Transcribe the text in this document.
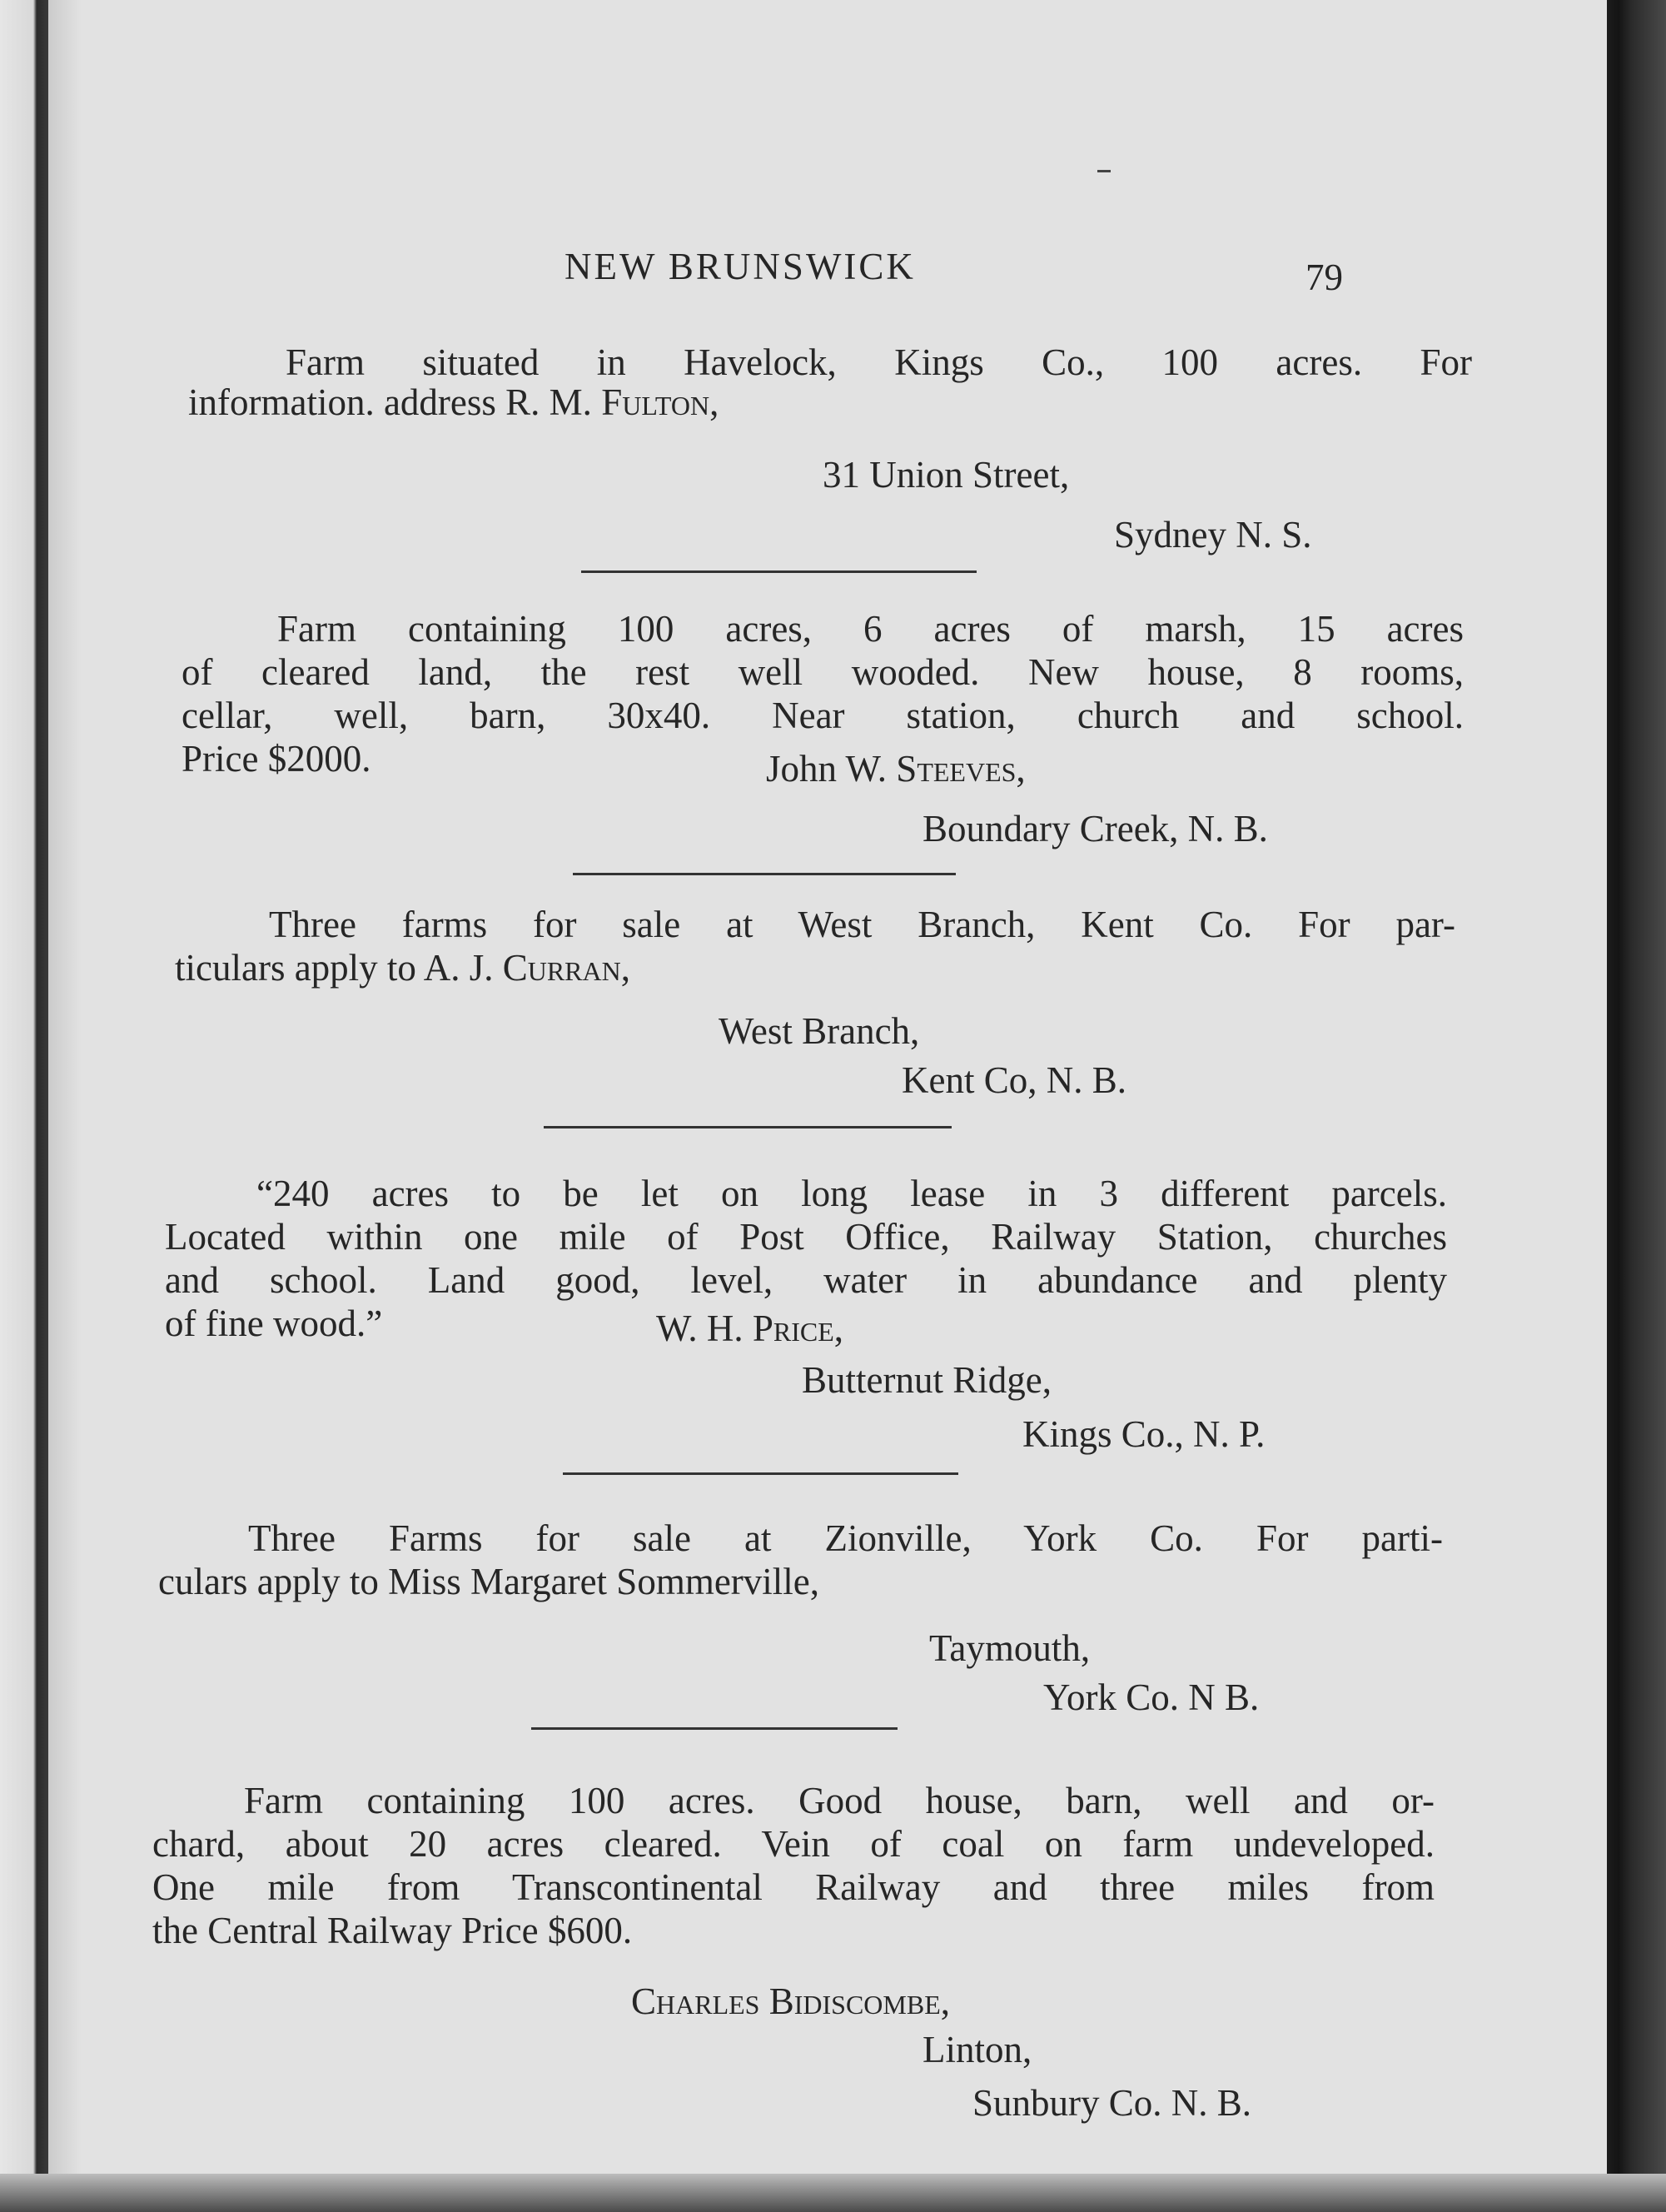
NEW BRUNSWICK	79
Farm situated in Havelock, Kings Co., 100 acres. For
information. address R. M. Fulton,
31 Union Street,
Sydney N. S.
Farm containing 100 acres, 6 acres of marsh, 15 acres
of cleared land, the rest well wooded. New house, 8 rooms,
cellar, well, barn, 30x40. Near station, church and school.
Price $2000.	John W. Steeves,
Boundary Creek, N. B.
Three farms for sale at West Branch, Kent Co. For par-
ticulars apply to A. J. Curran,
West Branch,
Kent Co, N. B.
“240 acres to be let on long lease in 3 different parcels.
Located within one mile of Post Office, Railway Station, churches
and school. Land good, level, water in abundance and plenty
of fine wood.”	W. H. Price,
Butternut Ridge,
Kings Co., N. P.
Three Farms for sale at Zionville, York Co. For parti-
culars apply to Miss Margaret Sommerville,
Taymouth,
York Co. N B.
Farm containing 100 acres. Good house, barn, well and or-
chard, about 20 acres cleared. Vein of coal on farm undeveloped.
One mile from Transcontinental Railway and three miles from
the Central Railway Price $600.
Charles Bidiscombe,
Linton,
Sunbury Co. N. B.
